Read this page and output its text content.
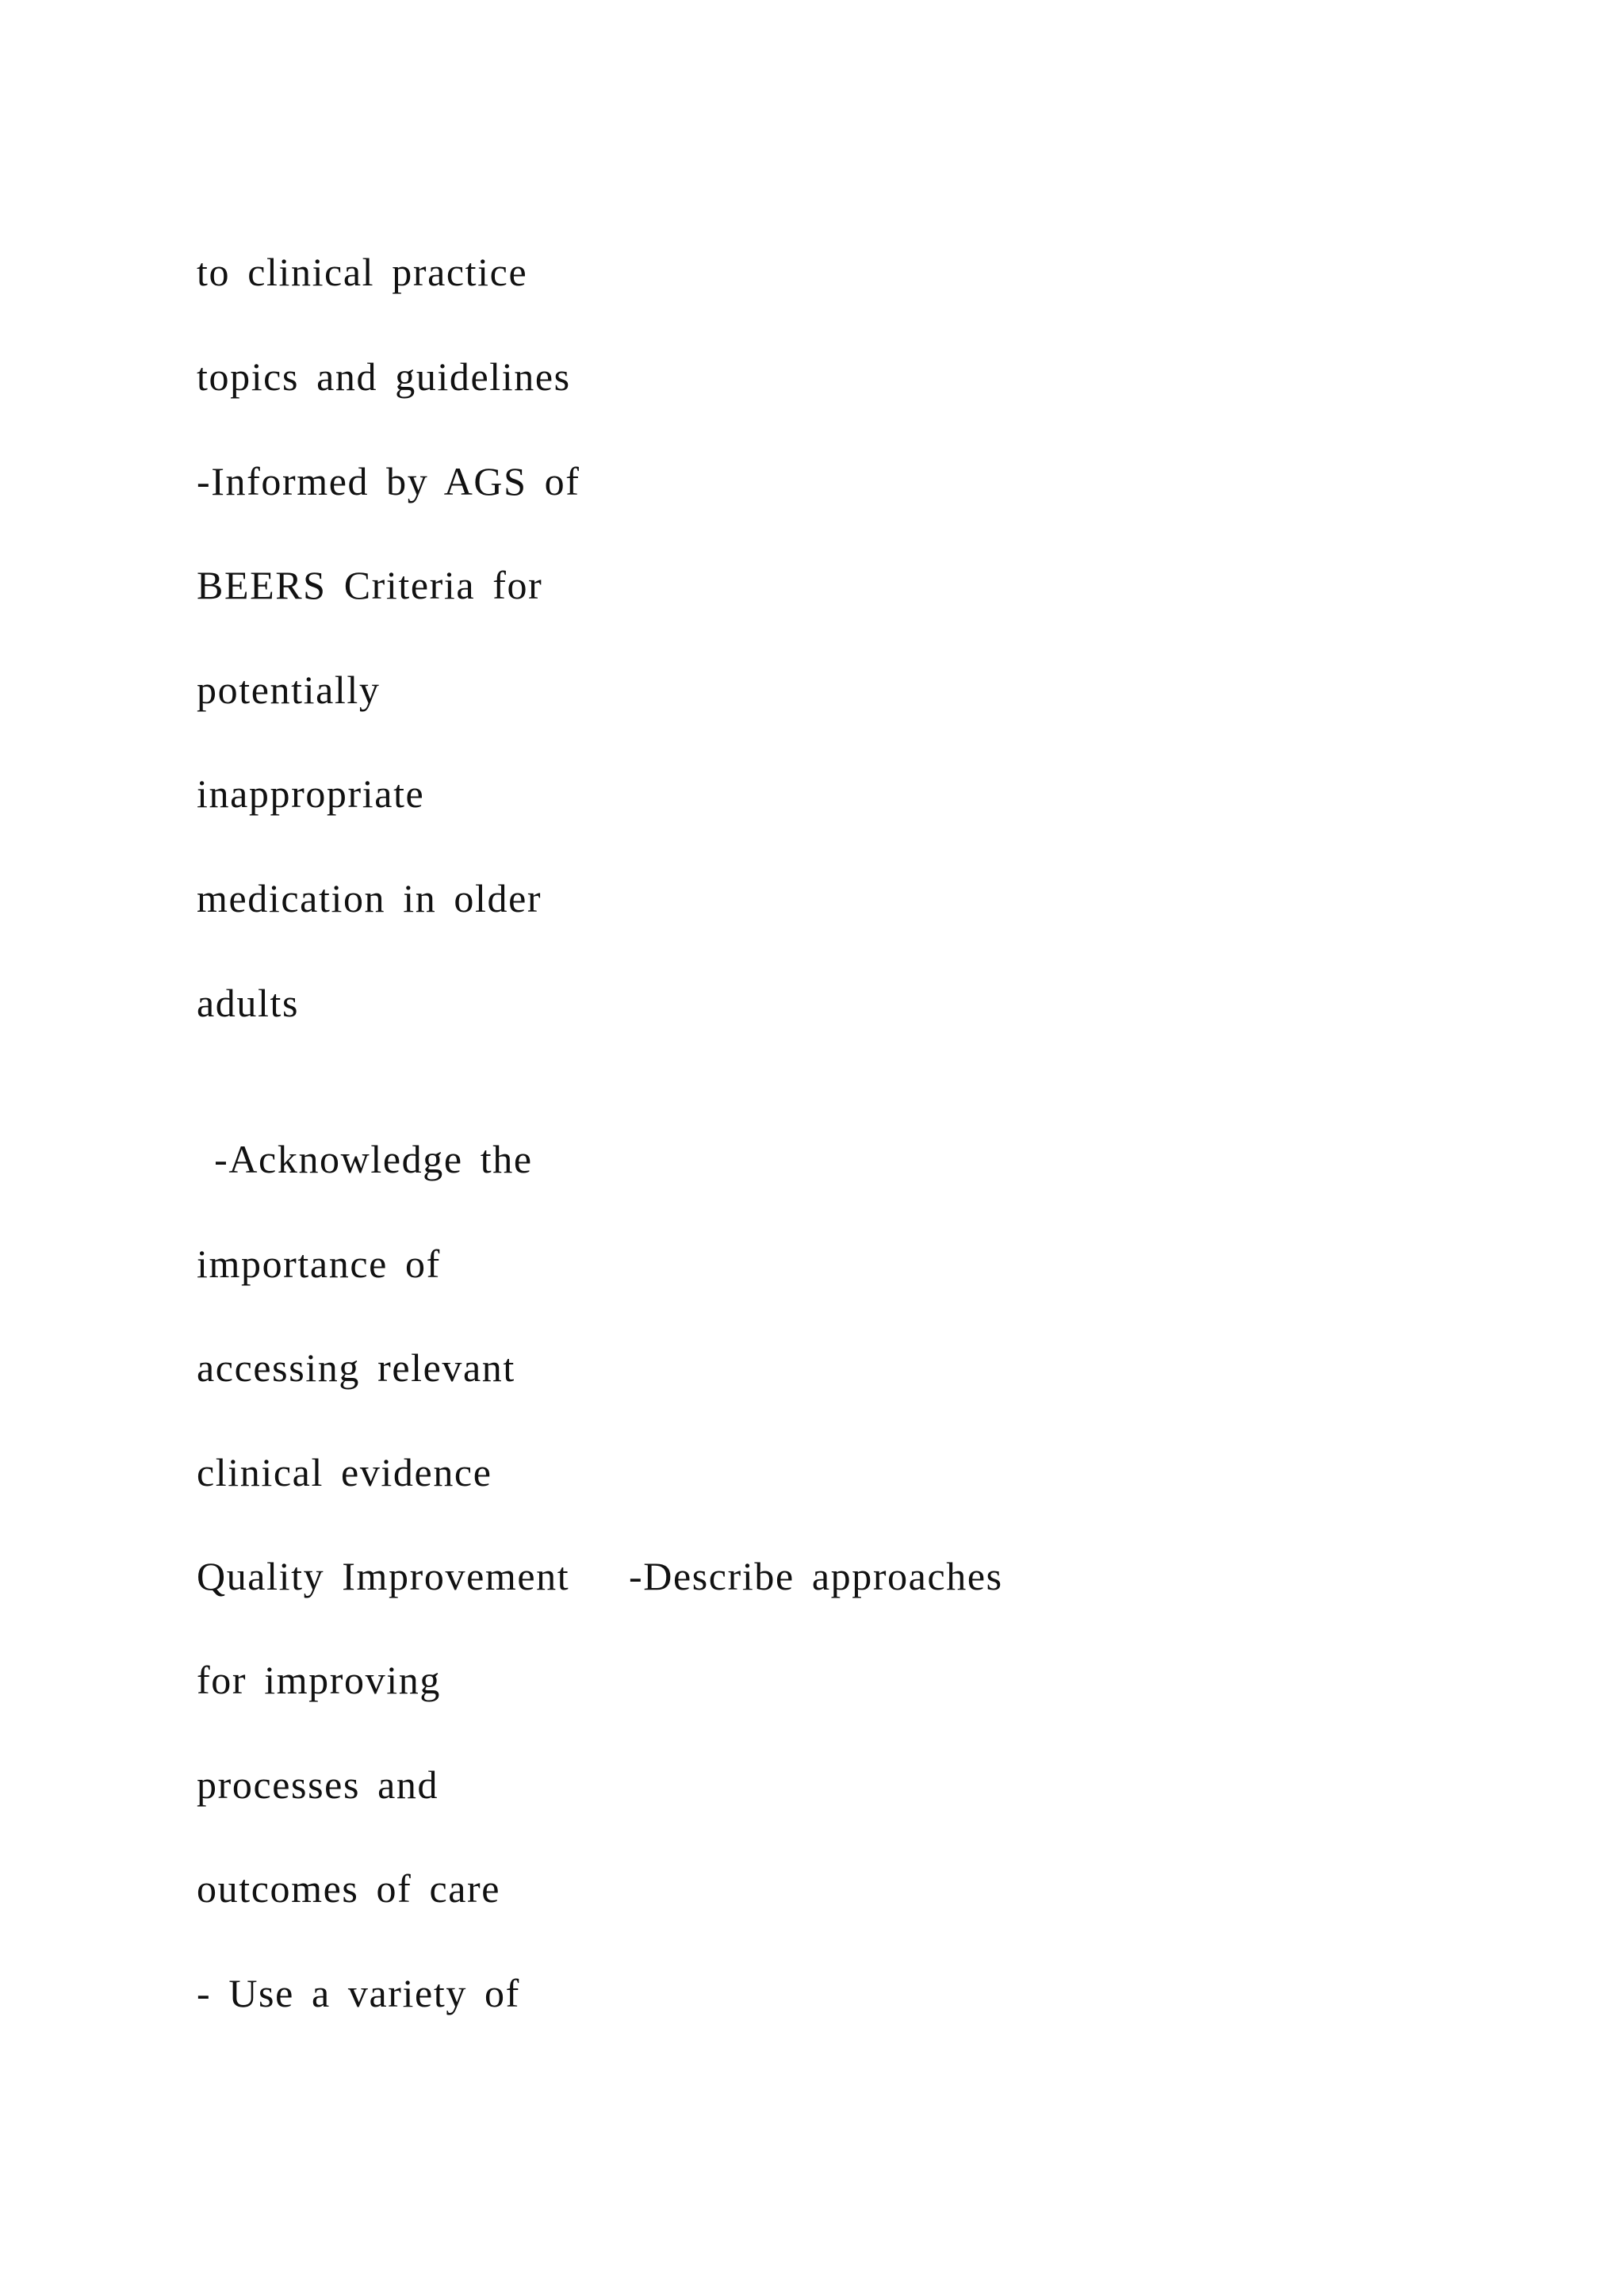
to clinical practice

topics and guidelines

-Informed by AGS of

BEERS Criteria for

potentially

inappropriate

medication in older

adults

-Acknowledge the

importance of

accessing relevant

clinical evidence

Quality Improvement -Describe approaches

for improving

processes and

outcomes of care

- Use a variety of
